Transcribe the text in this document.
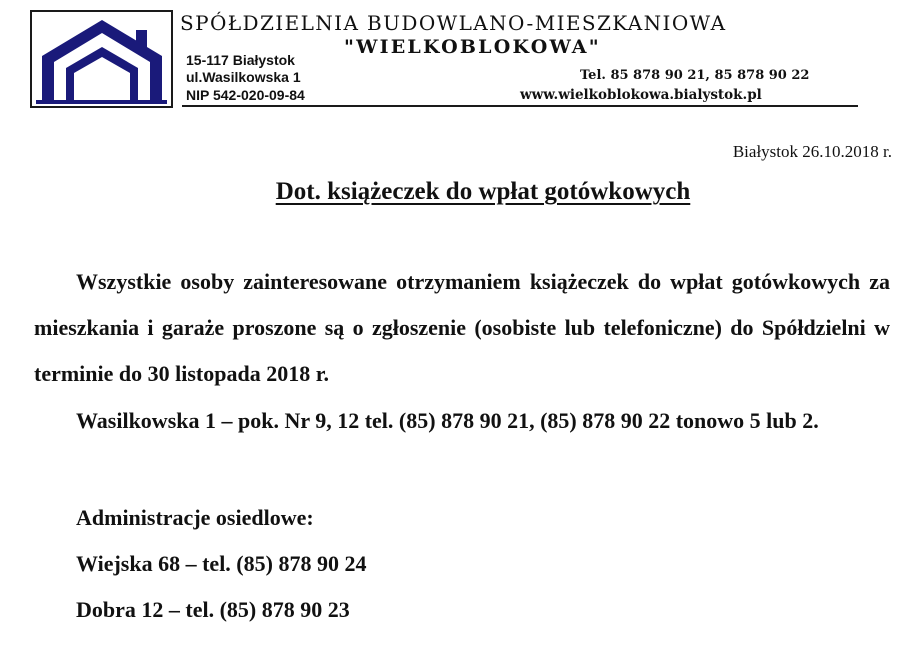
SPÓŁDZIELNIA BUDOWLANO-MIESZKANIOWA
"WIELKOBLOKOWA"
15-117 Białystok
ul.Wasilkowska 1
NIP 542-020-09-84
Tel. 85 878 90 21, 85 878 90 22
www.wielkoblokowa.bialystok.pl
Białystok 26.10.2018 r.
Dot. książeczek do wpłat gotówkowych
Wszystkie osoby zainteresowane otrzymaniem książeczek do wpłat gotówkowych za mieszkania i garaże proszone są o zgłoszenie (osobiste lub telefoniczne) do Spółdzielni w terminie do 30 listopada 2018 r.
Wasilkowska 1 – pok. Nr 9, 12 tel. (85) 878 90 21, (85) 878 90 22 tonowo 5 lub 2.
Administracje osiedlowe:
Wiejska 68 – tel. (85) 878 90 24
Dobra 12 – tel. (85) 878 90 23
